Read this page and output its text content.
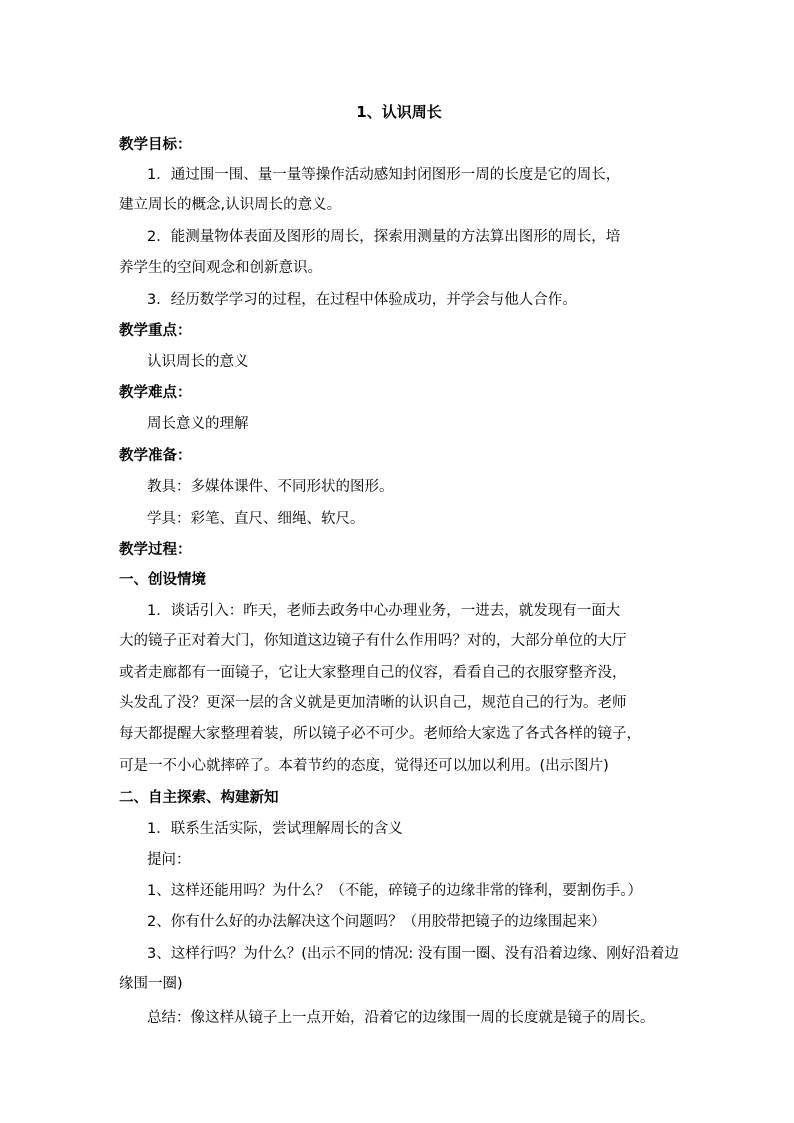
1、认识周长
教学目标：
1．通过围一围、量一量等操作活动感知封闭图形一周的长度是它的周长，
建立周长的概念,认识周长的意义。
2．能测量物体表面及图形的周长，探索用测量的方法算出图形的周长，培
养学生的空间观念和创新意识。
3．经历数学学习的过程，在过程中体验成功，并学会与他人合作。
教学重点：
认识周长的意义
教学难点：
周长意义的理解
教学准备：
教具：多媒体课件、不同形状的图形。
学具：彩笔、直尺、细绳、软尺。
教学过程：
一、创设情境
1．谈话引入：昨天，老师去政务中心办理业务，一进去，就发现有一面大
大的镜子正对着大门，你知道这边镜子有什么作用吗？对的，大部分单位的大厅
或者走廊都有一面镜子，它让大家整理自己的仪容，看看自己的衣服穿整齐没，
头发乱了没？更深一层的含义就是更加清晰的认识自己，规范自己的行为。老师
每天都提醒大家整理着装，所以镜子必不可少。老师给大家选了各式各样的镜子，
可是一不小心就摔碎了。本着节约的态度，觉得还可以加以利用。(出示图片)
二、自主探索、构建新知
1．联系生活实际，尝试理解周长的含义
提问：
1、这样还能用吗？为什么？（不能，碎镜子的边缘非常的锋利，要割伤手。）
2、你有什么好的办法解决这个问题吗？（用胶带把镜子的边缘围起来）
3、这样行吗？为什么？(出示不同的情况: 没有围一圈、没有沿着边缘、刚好沿着边
缘围一圈)
总结：像这样从镜子上一点开始，沿着它的边缘围一周的长度就是镜子的周长。
